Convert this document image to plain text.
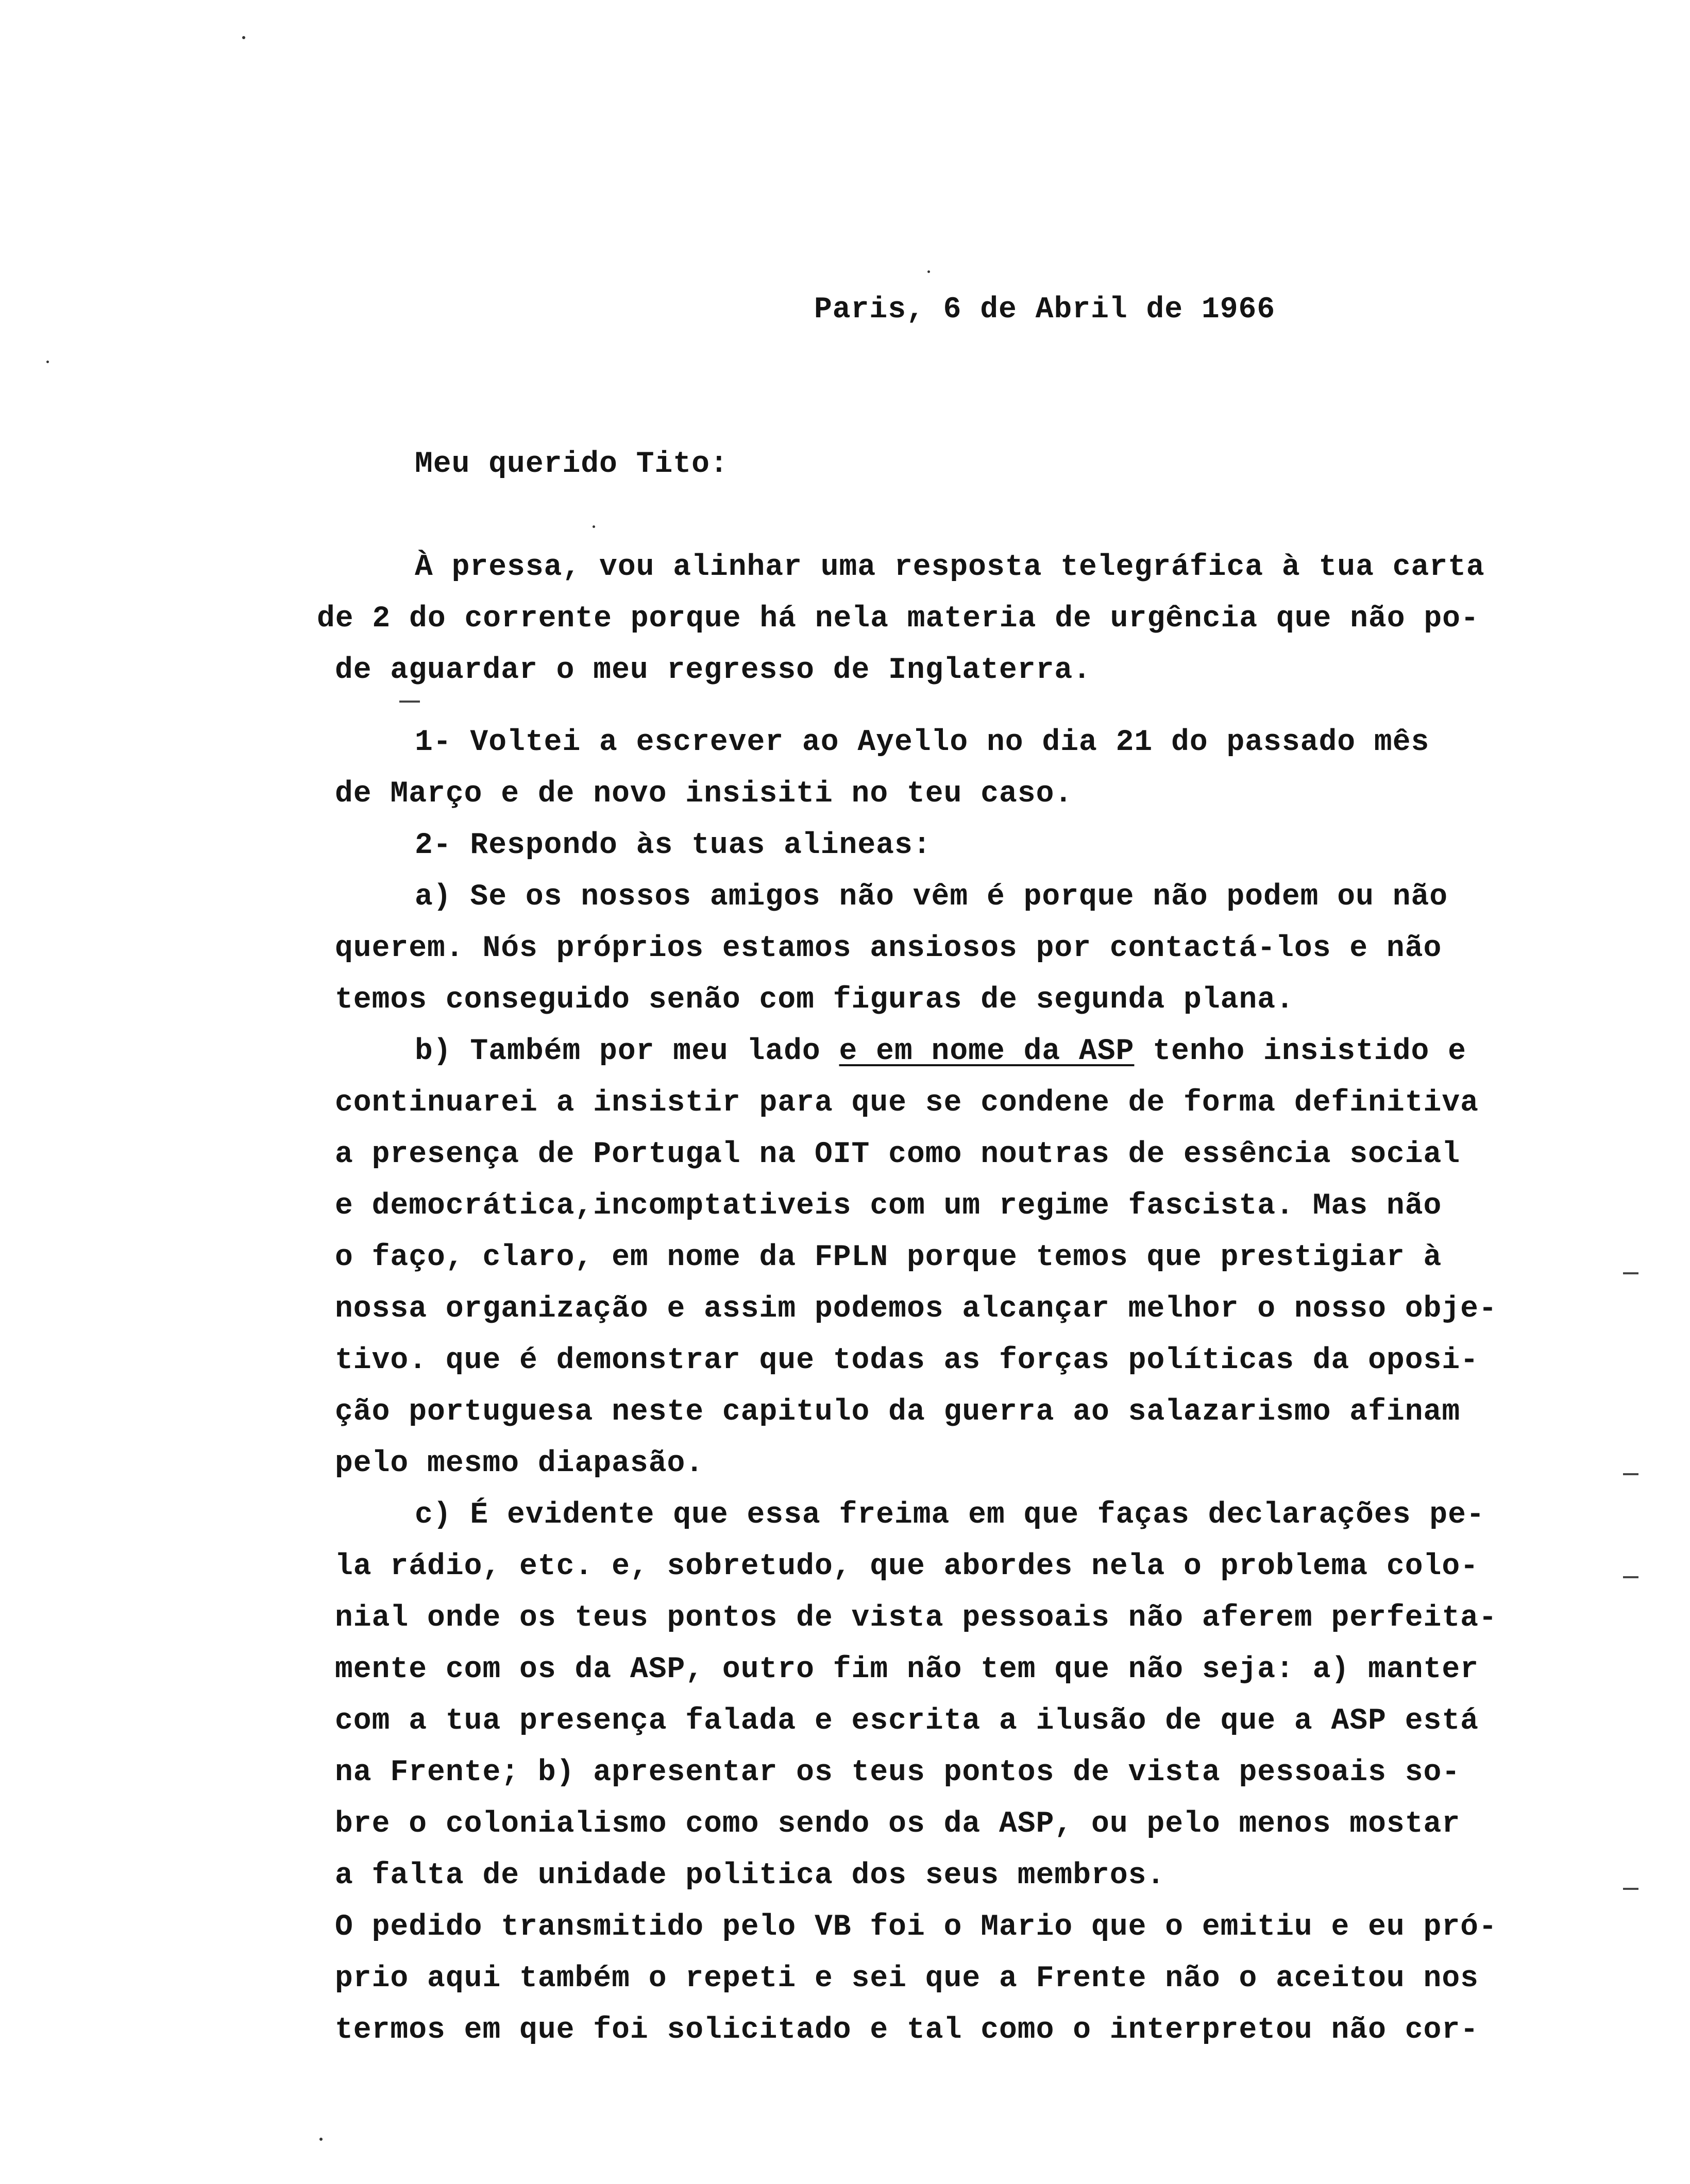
Paris, 6 de Abril de 1966
Meu querido Tito:
À pressa, vou alinhar uma resposta telegráfica à tua carta
de 2 do corrente porque há nela materia de urgência que não po-
de aguardar o meu regresso de Inglaterra.
1- Voltei a escrever ao Ayello no dia 21 do passado mês
de Março e de novo insisiti no teu caso.
2- Respondo às tuas alineas:
a) Se os nossos amigos não vêm é porque não podem ou não
querem. Nós próprios estamos ansiosos por contactá-los e não
temos conseguido senão com figuras de segunda plana.
b) Também por meu lado e em nome da ASP tenho insistido e
continuarei a insistir para que se condene de forma definitiva
a presença de Portugal na OIT como noutras de essência social
e democrática,incomptativeis com um regime fascista. Mas não
o faço, claro, em nome da FPLN porque temos que prestigiar à
nossa organização e assim podemos alcançar melhor o nosso obje-
tivo. que é demonstrar que todas as forças políticas da oposi-
ção portuguesa neste capitulo da guerra ao salazarismo afinam
pelo mesmo diapasão.
c) É evidente que essa freima em que faças declarações pe-
la rádio, etc. e, sobretudo, que abordes nela o problema colo-
nial onde os teus pontos de vista pessoais não aferem perfeita-
mente com os da ASP, outro fim não tem que não seja: a) manter
com a tua presença falada e escrita a ilusão de que a ASP está
na Frente; b) apresentar os teus pontos de vista pessoais so-
bre o colonialismo como sendo os da ASP, ou pelo menos mostar
a falta de unidade politica dos seus membros.
O pedido transmitido pelo VB foi o Mario que o emitiu e eu pró-
prio aqui também o repeti e sei que a Frente não o aceitou nos
termos em que foi solicitado e tal como o interpretou não cor-
